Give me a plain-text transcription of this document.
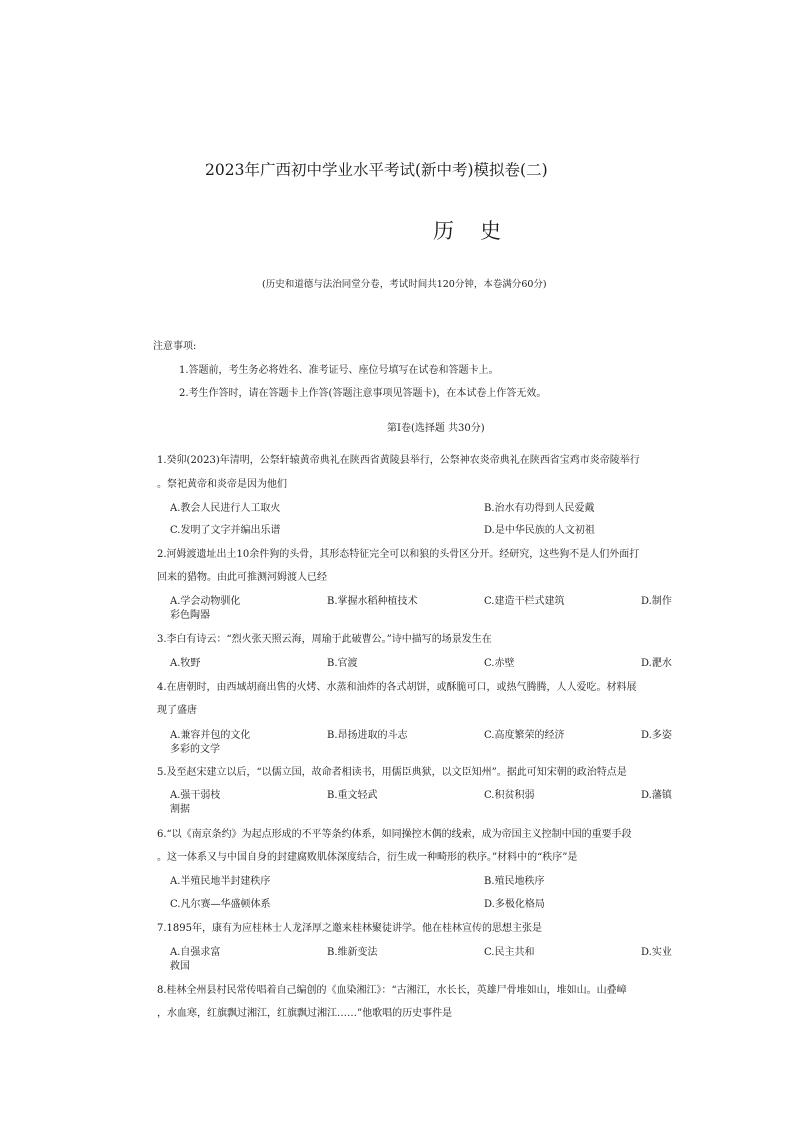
2023年广西初中学业水平考试(新中考)模拟卷(二)
历史
(历史和道德与法治同堂分卷，考试时间共120分钟，本卷满分60分)
注意事项:
1.答题前，考生务必将姓名、准考证号、座位号填写在试卷和答题卡上。
2.考生作答时，请在答题卡上作答(答题注意事项见答题卡)，在本试卷上作答无效。
第Ⅰ卷(选择题 共30分)
1.癸卯(2023)年清明，公祭轩辕黄帝典礼在陕西省黄陵县举行，公祭神农炎帝典礼在陕西省宝鸡市炎帝陵举行
。祭祀黄帝和炎帝是因为他们
A.教会人民进行人工取火	B.治水有功得到人民爱戴
C.发明了文字并编出乐谱	D.是中华民族的人文初祖
2.河姆渡遗址出土10余件狗的头骨，其形态特征完全可以和狼的头骨区分开。经研究，这些狗不是人们外面打
回来的猎物。由此可推测河姆渡人已经
A.学会动物驯化	B.掌握水稻种植技术	C.建造干栏式建筑	D.制作
彩色陶器
3.李白有诗云：“烈火张天照云海，周瑜于此破曹公。”诗中描写的场景发生在
A.牧野	B.官渡	C.赤壁	D.淝水
4.在唐朝时，由西域胡商出售的火烤、水蒸和油炸的各式胡饼，或酥脆可口，或热气腾腾，人人爱吃。材料展
现了盛唐
A.兼容并包的文化	B.昂扬进取的斗志	C.高度繁荣的经济	D.多姿
多彩的文学
5.及至赵宋建立以后，“以儒立国，故命者相读书，用儒臣典狱，以文臣知州”。据此可知宋朝的政治特点是
A.强干弱枝	B.重文轻武	C.积贫积弱	D.藩镇
割据
6.“以《南京条约》为起点形成的不平等条约体系，如同操控木偶的线索，成为帝国主义控制中国的重要手段
。这一体系又与中国自身的封建腐败肌体深度结合，衍生成一种畸形的秩序。”材料中的“秩序”是
A.半殖民地半封建秩序	B.殖民地秩序
C.凡尔赛—华盛顿体系	D.多极化格局
7.1895年，康有为应桂林士人龙泽厚之邀来桂林聚徒讲学。他在桂林宣传的思想主张是
A.自强求富	B.维新变法	C.民主共和	D.实业
救国
8.桂林全州县村民常传唱着自己编创的《血染湘江》：“古湘江，水长长，英雄尸骨堆如山，堆如山。山叠嶂
，水血寒，红旗飘过湘江，红旗飘过湘江……”他歌唱的历史事件是
